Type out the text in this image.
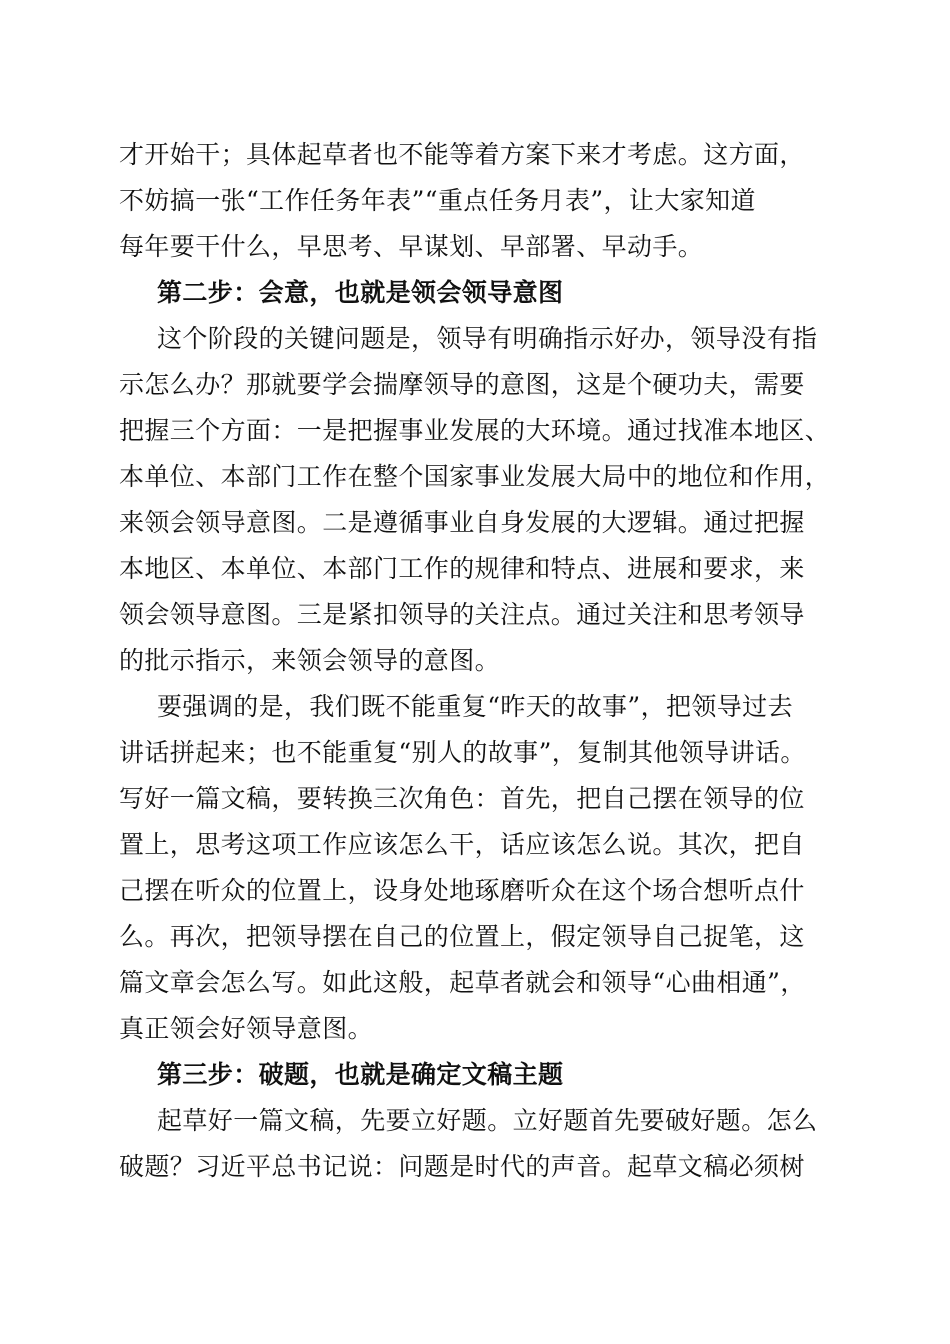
才开始干；具体起草者也不能等着方案下来才考虑。这方面，
不妨搞一张“工作任务年表”“重点任务月表”，让大家知道
每年要干什么，早思考、早谋划、早部署、早动手。
第二步：会意，也就是领会领导意图
这个阶段的关键问题是，领导有明确指示好办，领导没有指
示怎么办？那就要学会揣摩领导的意图，这是个硬功夫，需要
把握三个方面：一是把握事业发展的大环境。通过找准本地区、
本单位、本部门工作在整个国家事业发展大局中的地位和作用，
来领会领导意图。二是遵循事业自身发展的大逻辑。通过把握
本地区、本单位、本部门工作的规律和特点、进展和要求，来
领会领导意图。三是紧扣领导的关注点。通过关注和思考领导
的批示指示，来领会领导的意图。
要强调的是，我们既不能重复“昨天的故事”，把领导过去
讲话拼起来；也不能重复“别人的故事”，复制其他领导讲话。
写好一篇文稿，要转换三次角色：首先，把自己摆在领导的位
置上，思考这项工作应该怎么干，话应该怎么说。其次，把自
己摆在听众的位置上，设身处地琢磨听众在这个场合想听点什
么。再次，把领导摆在自己的位置上，假定领导自己捉笔，这
篇文章会怎么写。如此这般，起草者就会和领导“心曲相通”，
真正领会好领导意图。
第三步：破题，也就是确定文稿主题
起草好一篇文稿，先要立好题。立好题首先要破好题。怎么
破题？习近平总书记说：问题是时代的声音。起草文稿必须树
